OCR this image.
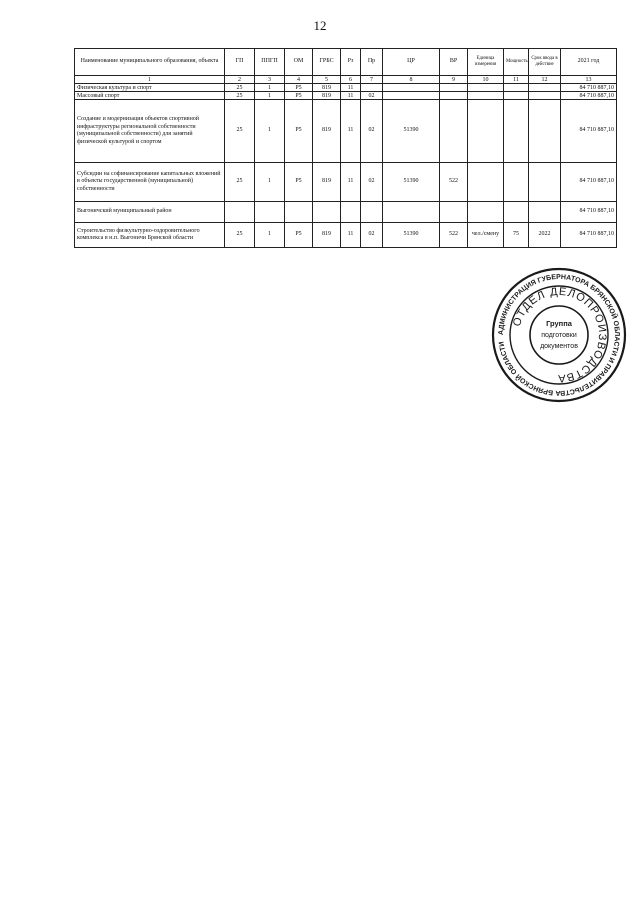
12
Наименование муниципального образования, объекта	ГП	ППГП	ОМ	ГРБС	Рз	Пр	ЦР	ВР	Единица измерения	Мощность	Срок ввода в действие	2021 год
1	2	3	4	5	6	7	8	9	10	11	12	13
Физическая культура и спорт	25	1	Р5	819	11							84 710 887,10
Массовый спорт	25	1	Р5	819	11	02						84 710 887,10
Создание и модернизация объектов спортивной инфраструктуры региональной собственности (муниципальной собственности) для занятий физической культурой и спортом	25	1	Р5	819	11	02	51390					84 710 887,10
Субсидии на софинансирование капитальных вложений в объекты государственной (муниципальной) собственности	25	1	Р5	819	11	02	51390	522				84 710 887,10
Выгоничский муниципальный район												84 710 887,10
Строительство физкультурно-оздоровительного комплекса в н.п. Выгоничи Брянской области	25	1	Р5	819	11	02	51390	522	чел./смену	75	2022	84 710 887,10
АДМИНИСТРАЦИЯ ГУБЕРНАТОРА БРЯНСКОЙ ОБЛАСТИ И ПРАВИТЕЛЬСТВА БРЯНСКОЙ ОБЛАСТИ
ОТДЕЛ ДЕЛОПРОИЗВОДСТВА
Группа
подготовки
документов
